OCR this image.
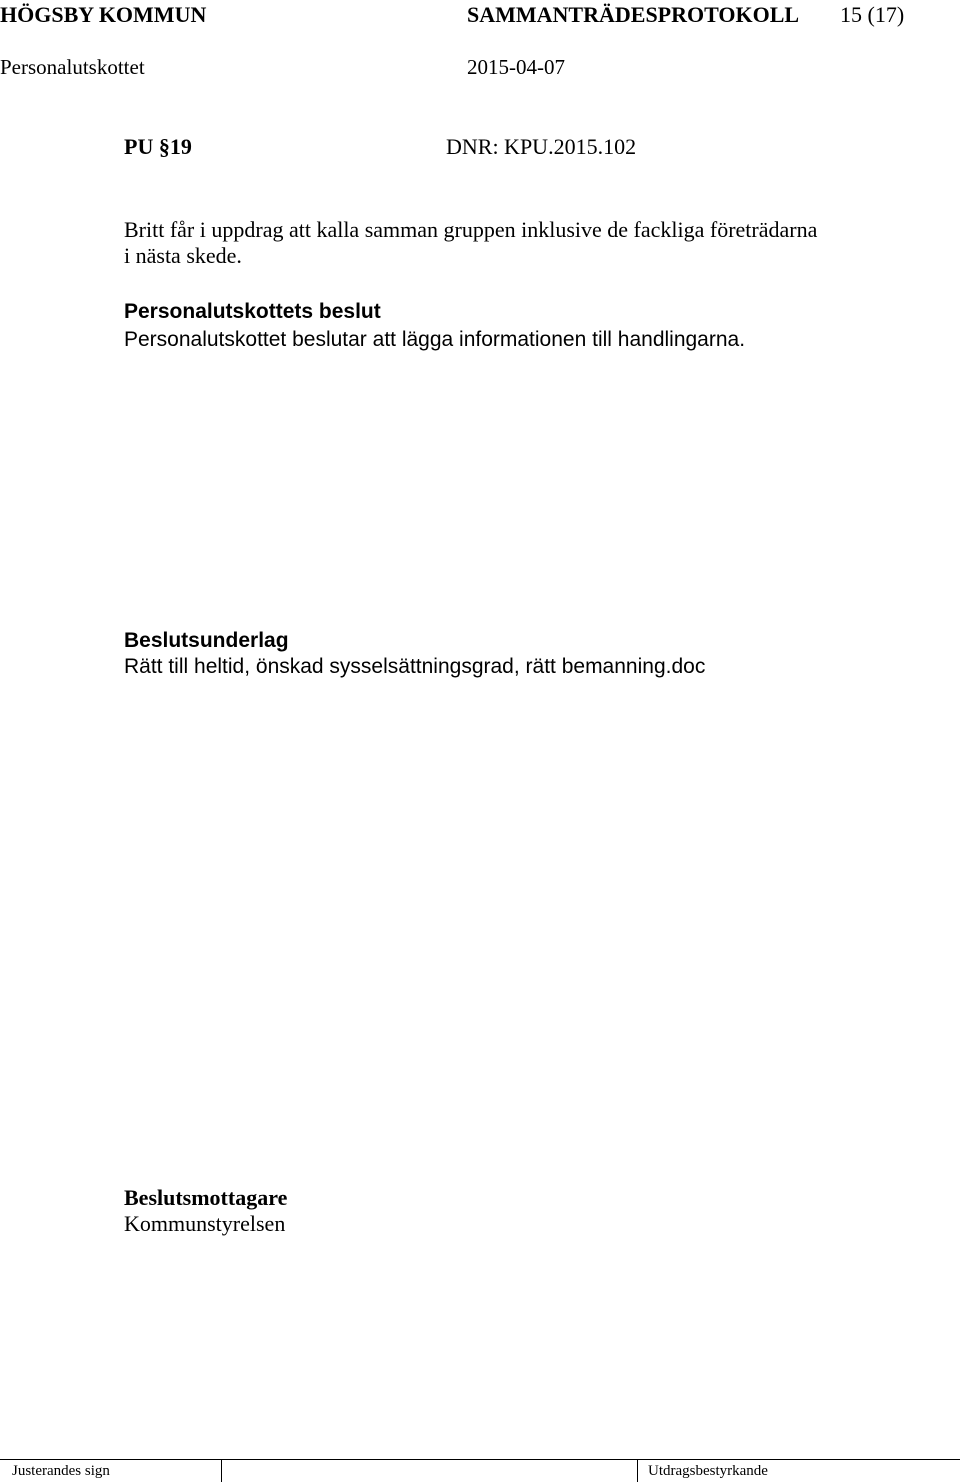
HÖGSBY KOMMUN	SAMMANTRÄDESPROTOKOLL 15 (17)
Personalutskottet	2015-04-07
PU §19	DNR: KPU.2015.102
Britt får i uppdrag att kalla samman gruppen inklusive de fackliga företrädarna i nästa skede.
Personalutskottets beslut
Personalutskottet beslutar att lägga informationen till handlingarna.
Beslutsunderlag
Rätt till heltid, önskad sysselsättningsgrad, rätt bemanning.doc
Beslutsmottagare
Kommunstyrelsen
Justerandes sign	Utdragsbestyrkande
